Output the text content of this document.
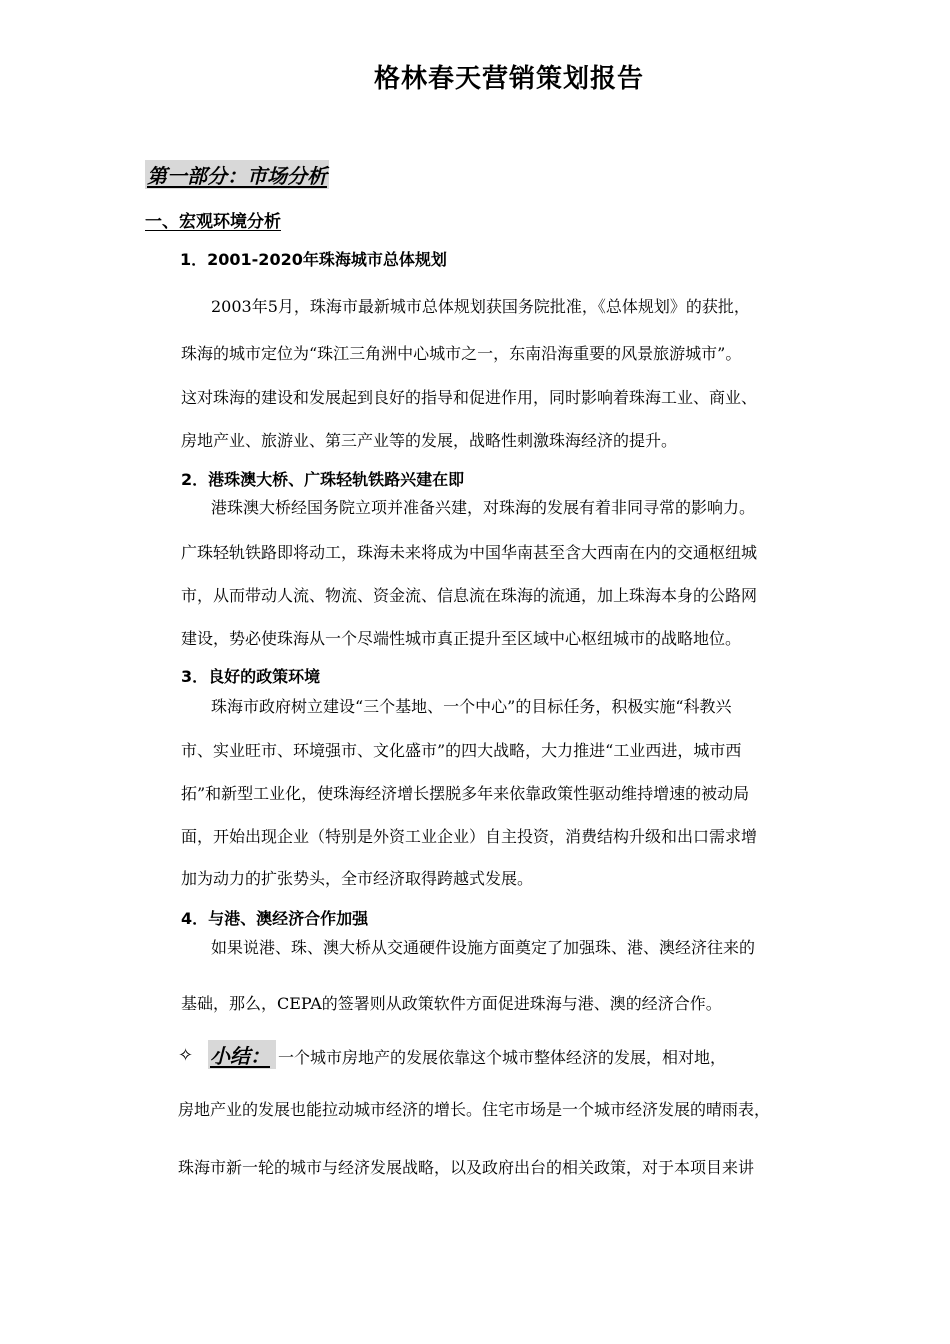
格林春天营销策划报告
第一部分：市场分析
一、宏观环境分析
1．2001-2020年珠海城市总体规划
2003年5月，珠海市最新城市总体规划获国务院批准，《总体规划》的获批，
珠海的城市定位为“珠江三角洲中心城市之一，东南沿海重要的风景旅游城市”。
这对珠海的建设和发展起到良好的指导和促进作用，同时影响着珠海工业、商业、
房地产业、旅游业、第三产业等的发展，战略性刺激珠海经济的提升。
2．港珠澳大桥、广珠轻轨铁路兴建在即
港珠澳大桥经国务院立项并准备兴建，对珠海的发展有着非同寻常的影响力。
广珠轻轨铁路即将动工，珠海未来将成为中国华南甚至含大西南在内的交通枢纽城
市，从而带动人流、物流、资金流、信息流在珠海的流通，加上珠海本身的公路网
建设，势必使珠海从一个尽端性城市真正提升至区域中心枢纽城市的战略地位。
3．良好的政策环境
珠海市政府树立建设“三个基地、一个中心”的目标任务，积极实施“科教兴
市、实业旺市、环境强市、文化盛市”的四大战略，大力推进“工业西进，城市西
拓”和新型工业化，使珠海经济增长摆脱多年来依靠政策性驱动维持增速的被动局
面，开始出现企业（特别是外资工业企业）自主投资，消费结构升级和出口需求增
加为动力的扩张势头，全市经济取得跨越式发展。
4．与港、澳经济合作加强
如果说港、珠、澳大桥从交通硬件设施方面奠定了加强珠、港、澳经济往来的
基础，那么，CEPA的签署则从政策软件方面促进珠海与港、澳的经济合作。
✧ 小结： 一个城市房地产的发展依靠这个城市整体经济的发展，相对地，
房地产业的发展也能拉动城市经济的增长。住宅市场是一个城市经济发展的晴雨表，
珠海市新一轮的城市与经济发展战略，以及政府出台的相关政策，对于本项目来讲
